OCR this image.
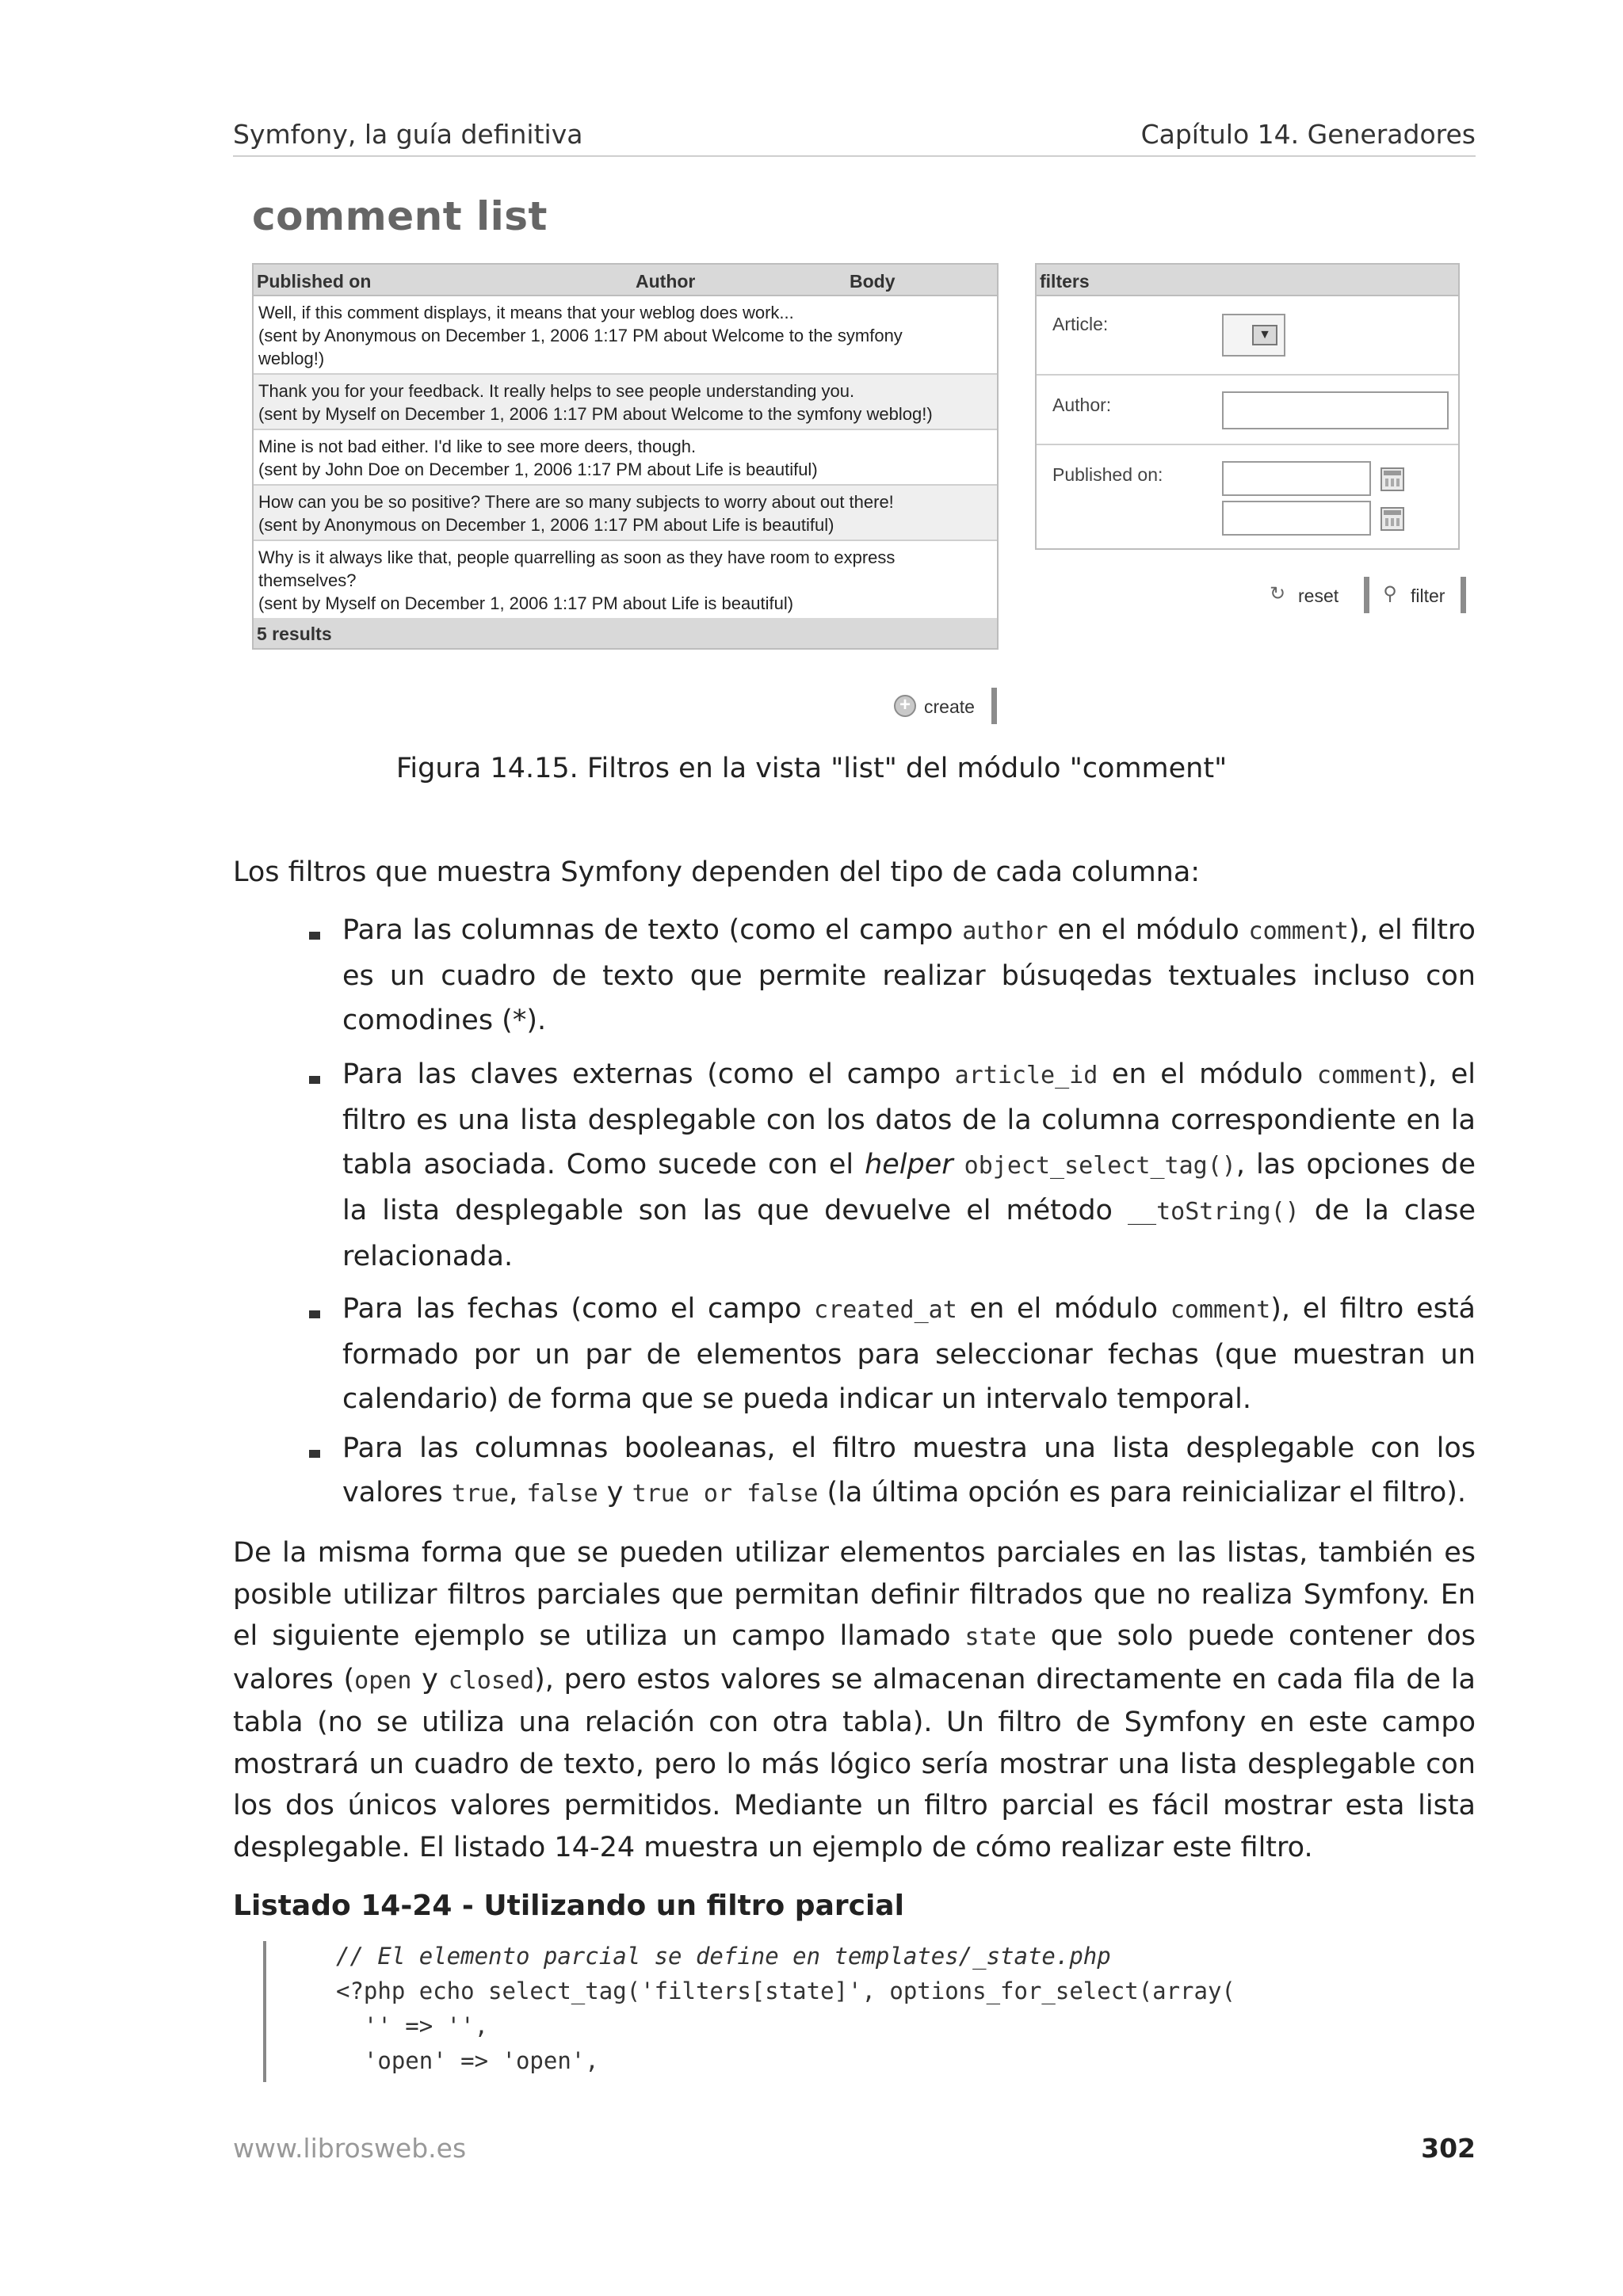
Symfony, la guía definitiva	Capítulo 14. Generadores
comment list
Published on	Author	Body
Well, if this comment displays, it means that your weblog does work...
(sent by Anonymous on December 1, 2006 1:17 PM about Welcome to the symfony
weblog!)
Thank you for your feedback. It really helps to see people understanding you.
(sent by Myself on December 1, 2006 1:17 PM about Welcome to the symfony weblog!)
Mine is not bad either. I'd like to see more deers, though.
(sent by John Doe on December 1, 2006 1:17 PM about Life is beautiful)
How can you be so positive? There are so many subjects to worry about out there!
(sent by Anonymous on December 1, 2006 1:17 PM about Life is beautiful)
Why is it always like that, people quarrelling as soon as they have room to express
themselves?
(sent by Myself on December 1, 2006 1:17 PM about Life is beautiful)
5 results
+ create
filters
Article:
▼
Author:
Published on:
↻ reset ⚲ filter
Figura 14.15. Filtros en la vista "list" del módulo "comment"
Los filtros que muestra Symfony dependen del tipo de cada columna:
Para las columnas de texto (como el campo author en el módulo comment), el filtro es un cuadro de texto que permite realizar búsuqedas textuales incluso con comodines (*).
Para las claves externas (como el campo article_id en el módulo comment), el filtro es una lista desplegable con los datos de la columna correspondiente en la tabla asociada. Como sucede con el helper object_select_tag(), las opciones de la lista desplegable son las que devuelve el método __toString() de la clase relacionada.
Para las fechas (como el campo created_at en el módulo comment), el filtro está formado por un par de elementos para seleccionar fechas (que muestran un calendario) de forma que se pueda indicar un intervalo temporal.
Para las columnas booleanas, el filtro muestra una lista desplegable con los valores true, false y true or false (la última opción es para reinicializar el filtro).
De la misma forma que se pueden utilizar elementos parciales en las listas, también es posible utilizar filtros parciales que permitan definir filtrados que no realiza Symfony. En el siguiente ejemplo se utiliza un campo llamado state que solo puede contener dos valores (open y closed), pero estos valores se almacenan directamente en cada fila de la tabla (no se utiliza una relación con otra tabla). Un filtro de Symfony en este campo mostrará un cuadro de texto, pero lo más lógico sería mostrar una lista desplegable con los dos únicos valores permitidos. Mediante un filtro parcial es fácil mostrar esta lista desplegable. El listado 14-24 muestra un ejemplo de cómo realizar este filtro.
Listado 14-24 - Utilizando un filtro parcial
// El elemento parcial se define en templates/_state.php
<?php echo select_tag('filters[state]', options_for_select(array(
'' => '',
'open' => 'open',
www.librosweb.es	302
